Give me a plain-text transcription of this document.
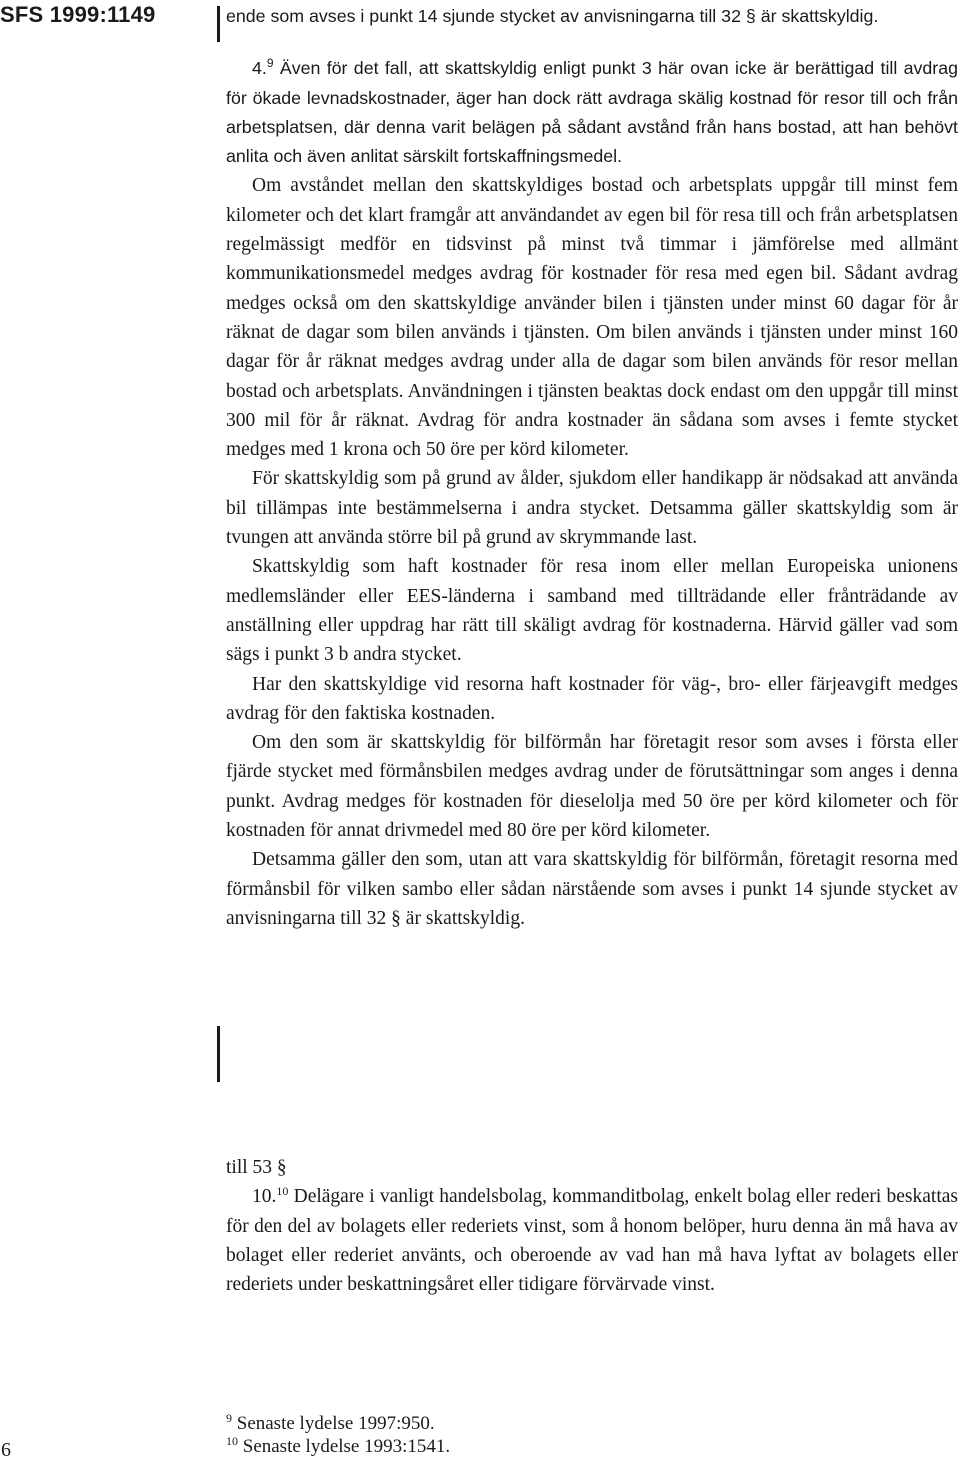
SFS 1999:1149	ende som avses i punkt 14 sjunde stycket av anvisningarna till 32 § är skattskyldig.

4.$^9$ Även för det fall, att skattskyldig enligt punkt 3 här ovan icke är berättigad till avdrag för ökade levnadskostnader, äger han dock rätt avdraga skälig kostnad för resor till och från arbetsplatsen, där denna varit belägen på sådant avstånd från hans bostad, att han behövt anlita och även anlitat särskilt fortskaffningsmedel.

Om avståndet mellan den skattskyldiges bostad och arbetsplats uppgår till minst fem kilometer och det klart framgår att användandet av egen bil för resa till och från arbetsplatsen regelmässigt medför en tidsvinst på minst två timmar i jämförelse med allmänt kommunikationsmedel medges avdrag för kostnader för resa med egen bil. Sådant avdrag medges också om den skattskyldige använder bilen i tjänsten under minst 60 dagar för år räknat de dagar som bilen används i tjänsten. Om bilen används i tjänsten under minst 160 dagar för år räknat medges avdrag under alla de dagar som bilen används för resor mellan bostad och arbetsplats. Användningen i tjänsten beaktas dock endast om den uppgår till minst 300 mil för år räknat. Avdrag för andra kostnader än sådana som avses i femte stycket medges med 1 krona och 50 öre per körd kilometer.

För skattskyldig som på grund av ålder, sjukdom eller handikapp är nödsakad att använda bil tillämpas inte bestämmelserna i andra stycket. Detsamma gäller skattskyldig som är tvungen att använda större bil på grund av skrymmande last.

Skattskyldig som haft kostnader för resa inom eller mellan Europeiska unionens medlemsländer eller EES-länderna i samband med tillträdande eller frånträdande av anställning eller uppdrag har rätt till skäligt avdrag för kostnaderna. Härvid gäller vad som sägs i punkt 3 b andra stycket.

Har den skattskyldige vid resorna haft kostnader för väg-, bro- eller färjeavgift medges avdrag för den faktiska kostnaden.

Om den som är skattskyldig för bilförmån har företagit resor som avses i första eller fjärde stycket med förmånsbilen medges avdrag under de förutsättningar som anges i denna punkt. Avdrag medges för kostnaden för dieselolja med 50 öre per körd kilometer och för kostnaden för annat drivmedel med 80 öre per körd kilometer.

Detsamma gäller den som, utan att vara skattskyldig för bilförmån, företagit resorna med förmånsbil för vilken sambo eller sådan närstående som avses i punkt 14 sjunde stycket av anvisningarna till 32 § är skattskyldig.

till 53 §

10.10 Delägare i vanligt handelsbolag, kommanditbolag, enkelt bolag eller rederi beskattas för den del av bolagets eller rederiets vinst, som å honom belöper, huru denna än må hava av bolaget eller rederiet använts, och oberoende av vad han må hava lyftat av bolagets eller rederiets under beskattningsåret eller tidigare förvärvade vinst.

$^9$ Senaste lydelse 1997:950.

$^{10}$ Senaste lydelse 1993:1541.

6
